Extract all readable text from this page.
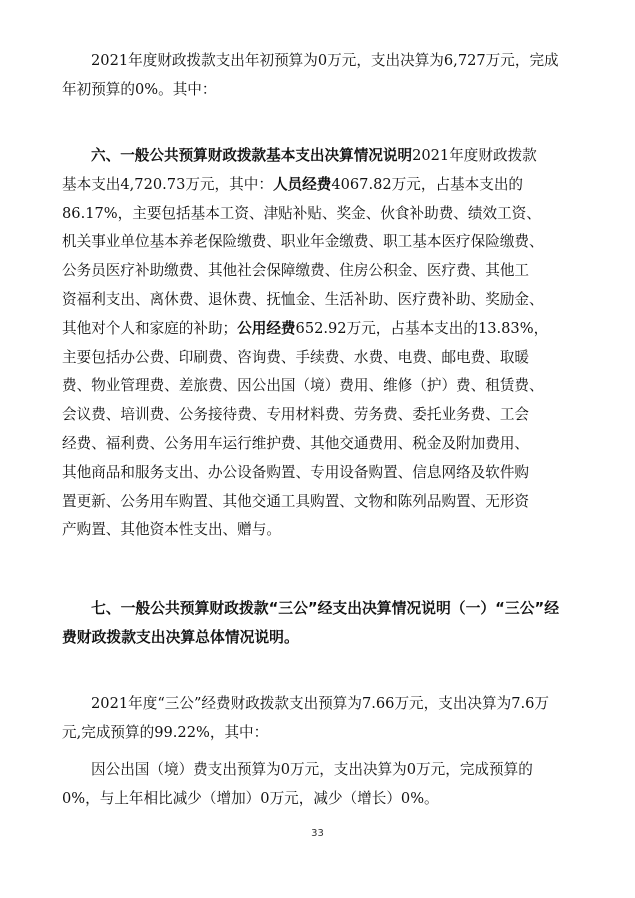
2021年度财政拨款支出年初预算为0万元，支出决算为6,727万元，完成
年初预算的0%。其中：

六、一般公共预算财政拨款基本支出决算情况说明2021年度财政拨款
基本支出4,720.73万元，其中：人员经费4067.82万元，占基本支出的
86.17%，主要包括基本工资、津贴补贴、奖金、伙食补助费、绩效工资、
机关事业单位基本养老保险缴费、职业年金缴费、职工基本医疗保险缴费、
公务员医疗补助缴费、其他社会保障缴费、住房公积金、医疗费、其他工
资福利支出、离休费、退休费、抚恤金、生活补助、医疗费补助、奖励金、
其他对个人和家庭的补助；公用经费652.92万元，占基本支出的13.83%，
主要包括办公费、印刷费、咨询费、手续费、水费、电费、邮电费、取暖
费、物业管理费、差旅费、因公出国（境）费用、维修（护）费、租赁费、
会议费、培训费、公务接待费、专用材料费、劳务费、委托业务费、工会
经费、福利费、公务用车运行维护费、其他交通费用、税金及附加费用、
其他商品和服务支出、办公设备购置、专用设备购置、信息网络及软件购
置更新、公务用车购置、其他交通工具购置、文物和陈列品购置、无形资
产购置、其他资本性支出、赠与。

七、一般公共预算财政拨款“三公”经支出决算情况说明（一）“三公”经
费财政拨款支出决算总体情况说明。

2021年度“三公”经费财政拨款支出预算为7.66万元，支出决算为7.6万
元,完成预算的99.22%，其中：

因公出国（境）费支出预算为0万元，支出决算为0万元，完成预算的
0%，与上年相比减少（增加）0万元，减少（增长）0%。

33
